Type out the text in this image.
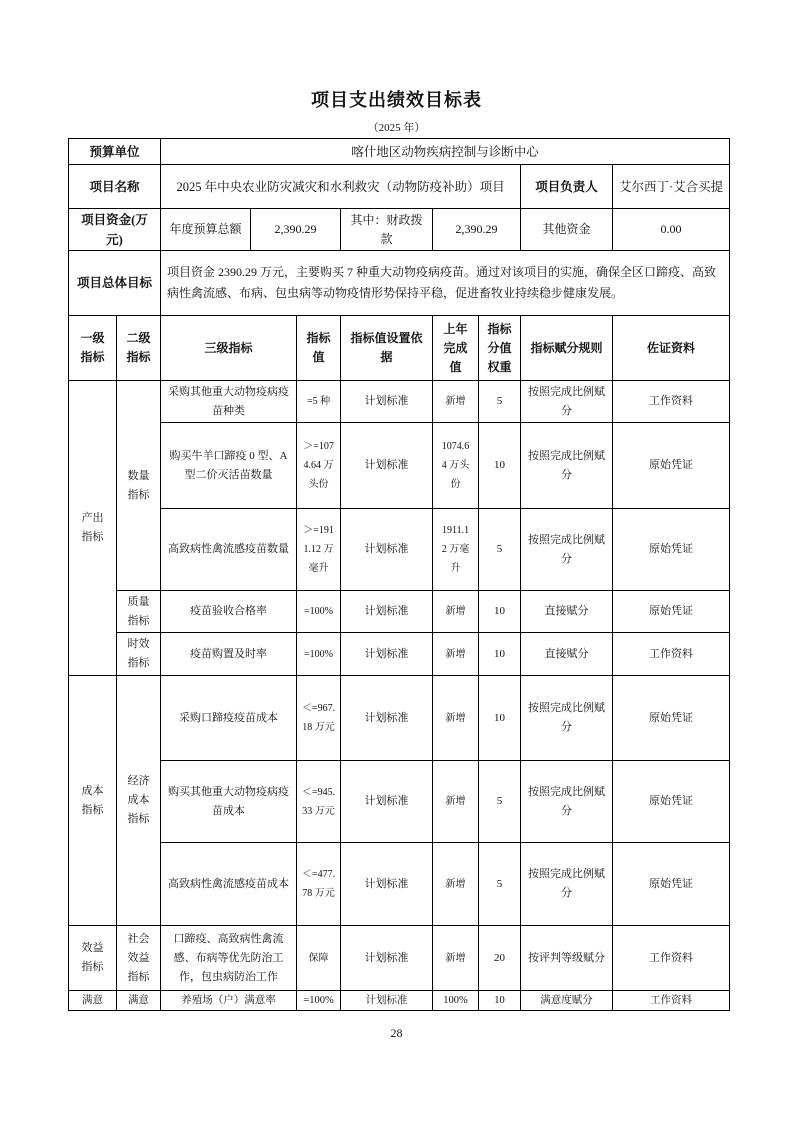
项目支出绩效目标表
（2025 年）
预算单位		喀什地区动物疾病控制与诊断中心							
项目名称		2025 年中央农业防灾减灾和水利救灾（动物防疫补助）项目						项目负责人	艾尔西丁·艾合买提
项目资金(万元)		年度预算总额	2,390.29		其中：财政拨款	2,390.29		其他资金	0.00
项目总体目标		项目资金 2390.29 万元，主要购买 7 种重大动物疫病疫苗。通过对该项目的实施，确保全区口蹄疫、高致病性禽流感、布病、包虫病等动物疫情形势保持平稳，促进畜牧业持续稳步健康发展。							
一级指标	二级指标	三级指标		指标值	指标值设置依据	上年完成值	指标分值权重	指标赋分规则	佐证资料
产出指标	数量指标	采购其他重大动物疫病疫苗种类		=5 种	计划标准	新增	5	按照完成比例赋分	工作资料
		购买牛羊口蹄疫 0 型、A 型二价灭活苗数量		＞=1074.64 万头份	计划标准	1074.64 万头份	10	按照完成比例赋分	原始凭证
		高致病性禽流感疫苗数量		＞=1911.12 万毫升	计划标准	1911.12 万毫升	5	按照完成比例赋分	原始凭证
	质量指标	疫苗验收合格率		=100%	计划标准	新增	10	直接赋分	原始凭证
	时效指标	疫苗购置及时率		=100%	计划标准	新增	10	直接赋分	工作资料
成本指标	经济成本指标	采购口蹄疫疫苗成本		＜=967.18 万元	计划标准	新增	10	按照完成比例赋分	原始凭证
		购买其他重大动物疫病疫苗成本		＜=945.33 万元	计划标准	新增	5	按照完成比例赋分	原始凭证
		高致病性禽流感疫苗成本		＜=477.78 万元	计划标准	新增	5	按照完成比例赋分	原始凭证
效益指标	社会效益指标	口蹄疫、高致病性禽流感、布病等优先防治工作，包虫病防治工作		保障	计划标准	新增	20	按评判等级赋分	工作资料
满意	满意	养殖场（户）满意率		=100%	计划标准	100%	10	满意度赋分	工作资料
28
